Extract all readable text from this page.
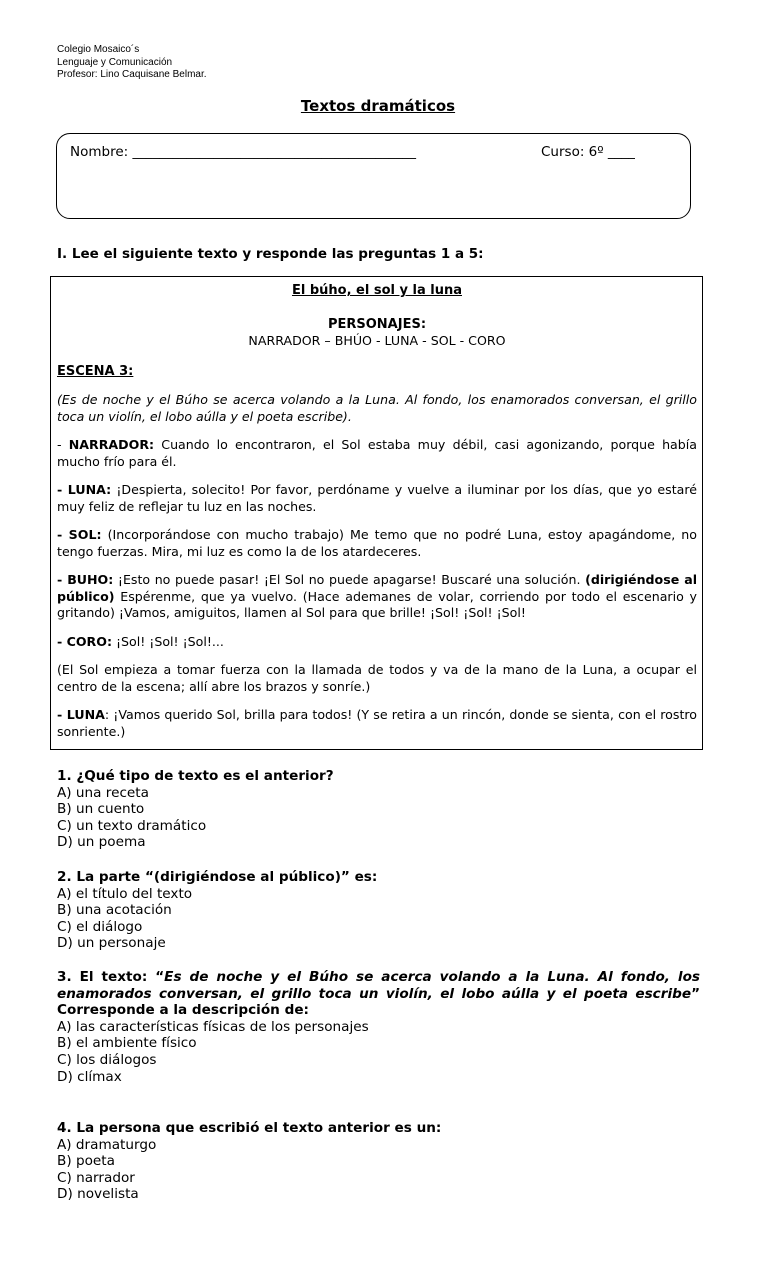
Colegio Mosaico´s
Lenguaje y Comunicación
Profesor: Lino Caquisane Belmar.
Textos dramáticos
Nombre: __________________________________________	Curso: 6º ____
I. Lee el siguiente texto y responde las preguntas 1 a 5:
El búho, el sol y la luna
PERSONAJES:
NARRADOR – BHÚO - LUNA - SOL - CORO
ESCENA 3:
(Es de noche y el Búho se acerca volando a la Luna. Al fondo, los enamorados conversan, el grillo toca un violín, el lobo aúlla y el poeta escribe).
- NARRADOR: Cuando lo encontraron, el Sol estaba muy débil, casi agonizando, porque había mucho frío para él.
- LUNA: ¡Despierta, solecito! Por favor, perdóname y vuelve a iluminar por los días, que yo estaré muy feliz de reflejar tu luz en las noches.
- SOL: (Incorporándose con mucho trabajo) Me temo que no podré Luna, estoy apagándome, no tengo fuerzas. Mira, mi luz es como la de los atardeceres.
- BUHO: ¡Esto no puede pasar! ¡El Sol no puede apagarse! Buscaré una solución. (dirigiéndose al público) Espérenme, que ya vuelvo. (Hace ademanes de volar, corriendo por todo el escenario y gritando) ¡Vamos, amiguitos, llamen al Sol para que brille! ¡Sol! ¡Sol! ¡Sol!
- CORO: ¡Sol! ¡Sol! ¡Sol!...
(El Sol empieza a tomar fuerza con la llamada de todos y va de la mano de la Luna, a ocupar el centro de la escena; allí abre los brazos y sonríe.)
- LUNA: ¡Vamos querido Sol, brilla para todos! (Y se retira a un rincón, donde se sienta, con el rostro sonriente.)
1. ¿Qué tipo de texto es el anterior?
A) una receta
B) un cuento
C) un texto dramático
D) un poema
2. La parte “(dirigiéndose al público)” es:
A) el título del texto
B) una acotación
C) el diálogo
D) un personaje
3. El texto: “Es de noche y el Búho se acerca volando a la Luna. Al fondo, los enamorados conversan, el grillo toca un violín, el lobo aúlla y el poeta escribe” Corresponde a la descripción de:
A) las características físicas de los personajes
B) el ambiente físico
C) los diálogos
D) clímax
4. La persona que escribió el texto anterior es un:
A) dramaturgo
B) poeta
C) narrador
D) novelista
